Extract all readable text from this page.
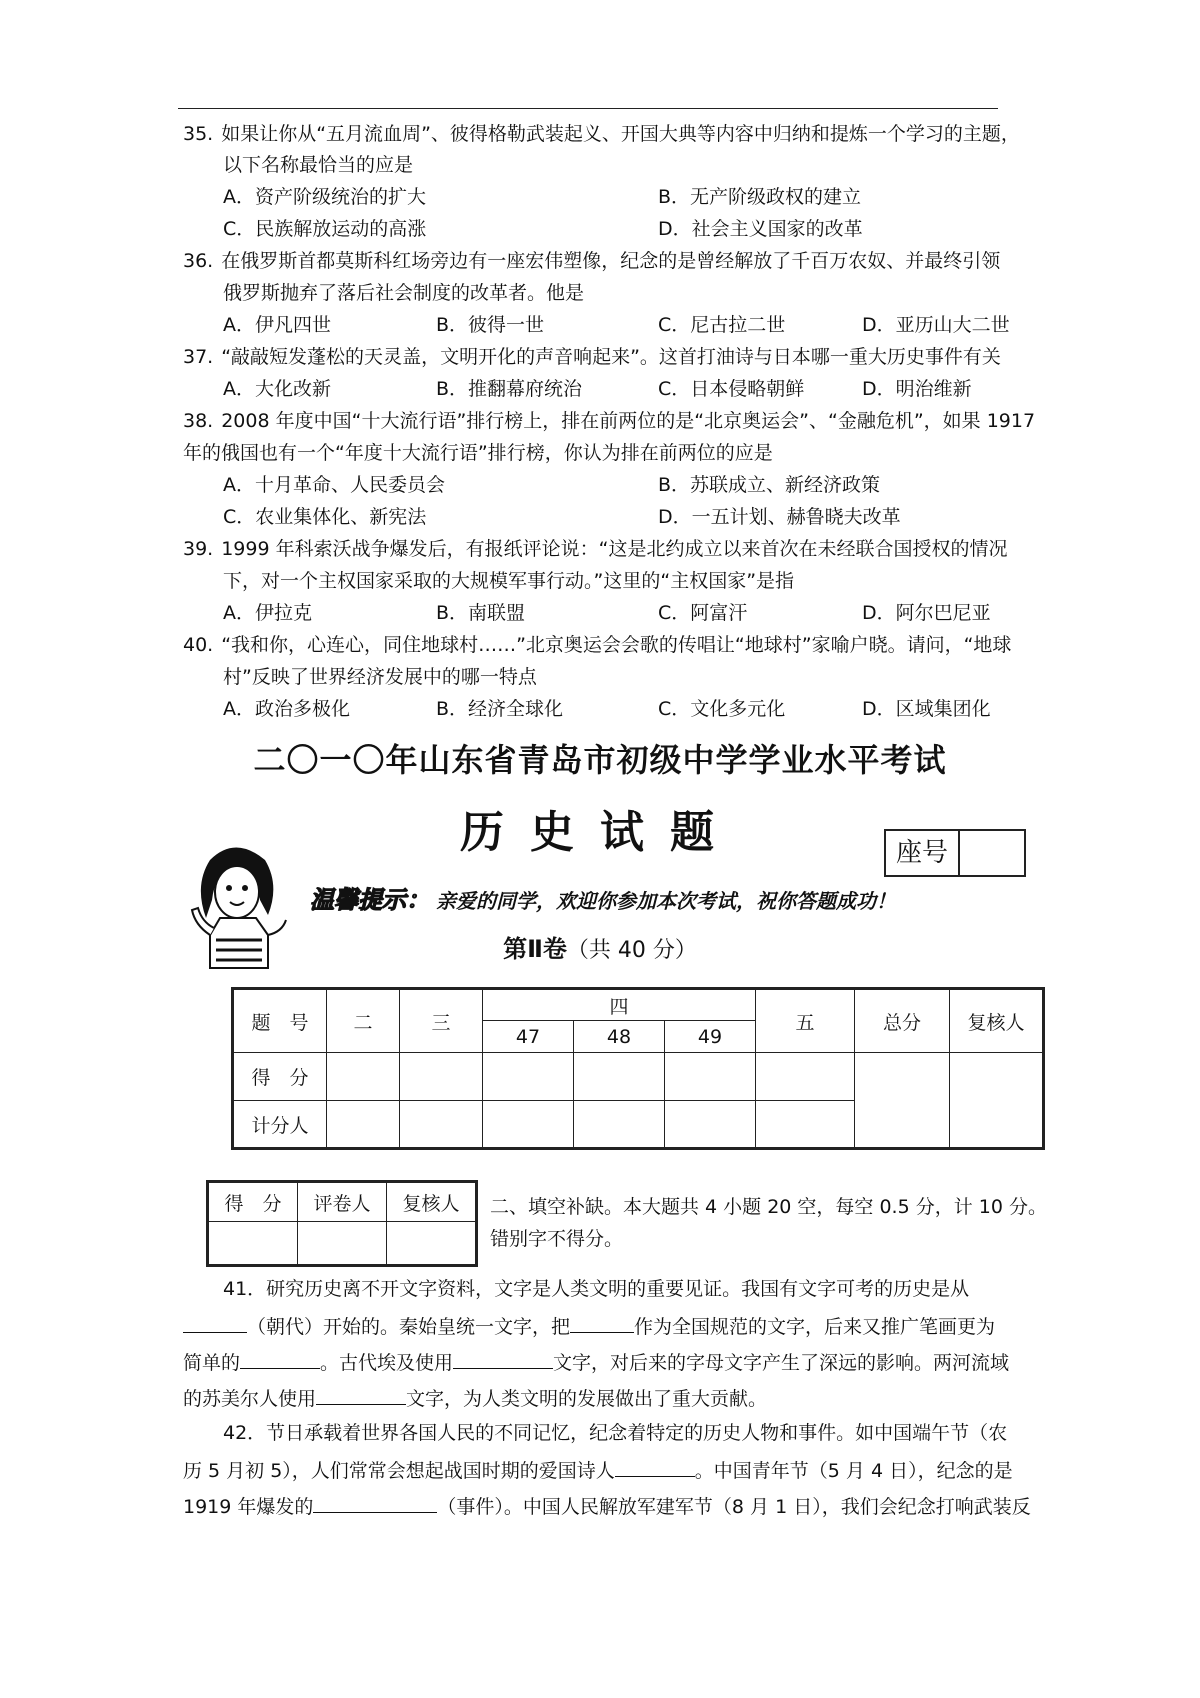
35. 如果让你从“五月流血周”、彼得格勒武装起义、开国大典等内容中归纳和提炼一个学习的主题，
以下名称最恰当的应是
A．资产阶级统治的扩大	B．无产阶级政权的建立
C．民族解放运动的高涨	D．社会主义国家的改革
36. 在俄罗斯首都莫斯科红场旁边有一座宏伟塑像，纪念的是曾经解放了千百万农奴、并最终引领
俄罗斯抛弃了落后社会制度的改革者。他是
A．伊凡四世	B．彼得一世	C．尼古拉二世	D．亚历山大二世
37. “敲敲短发蓬松的天灵盖，文明开化的声音响起来”。这首打油诗与日本哪一重大历史事件有关
A．大化改新	B．推翻幕府统治	C．日本侵略朝鲜	D．明治维新
38. 2008 年度中国“十大流行语”排行榜上，排在前两位的是“北京奥运会”、“金融危机”，如果 1917
年的俄国也有一个“年度十大流行语”排行榜，你认为排在前两位的应是
A．十月革命、人民委员会	B．苏联成立、新经济政策
C．农业集体化、新宪法	D．一五计划、赫鲁晓夫改革
39. 1999 年科索沃战争爆发后，有报纸评论说：“这是北约成立以来首次在未经联合国授权的情况
下，对一个主权国家采取的大规模军事行动。”这里的“主权国家”是指
A．伊拉克	B．南联盟	C．阿富汗	D．阿尔巴尼亚
40. “我和你，心连心，同住地球村……”北京奥运会会歌的传唱让“地球村”家喻户晓。请问，“地球
村”反映了世界经济发展中的哪一特点
A．政治多极化	B．经济全球化	C．文化多元化	D．区域集团化
二〇一〇年山东省青岛市初级中学学业水平考试
历史试题	座号
温馨提示： 亲爱的同学，欢迎你参加本次考试，祝你答题成功！
第Ⅱ卷（共 40 分）
题　号	二	三	四			五	总分	复核人
			47	48	49			
得　分								
计分人								
得　分	评卷人	复核人
		二、填空补缺。本大题共 4 小题 20 空，每空 0.5 分，计 10 分。
错别字不得分。
41．研究历史离不开文字资料，文字是人类文明的重要见证。我国有文字可考的历史是从
（朝代）开始的。秦始皇统一文字，把	作为全国规范的文字，后来又推广笔画更为
简单的	。古代埃及使用	文字，对后来的字母文字产生了深远的影响。两河流域
的苏美尔人使用	文字，为人类文明的发展做出了重大贡献。
42．节日承载着世界各国人民的不同记忆，纪念着特定的历史人物和事件。如中国端午节（农
历 5 月初 5），人们常常会想起战国时期的爱国诗人	。中国青年节（5 月 4 日），纪念的是
1919 年爆发的	（事件）。中国人民解放军建军节（8 月 1 日），我们会纪念打响武装反
